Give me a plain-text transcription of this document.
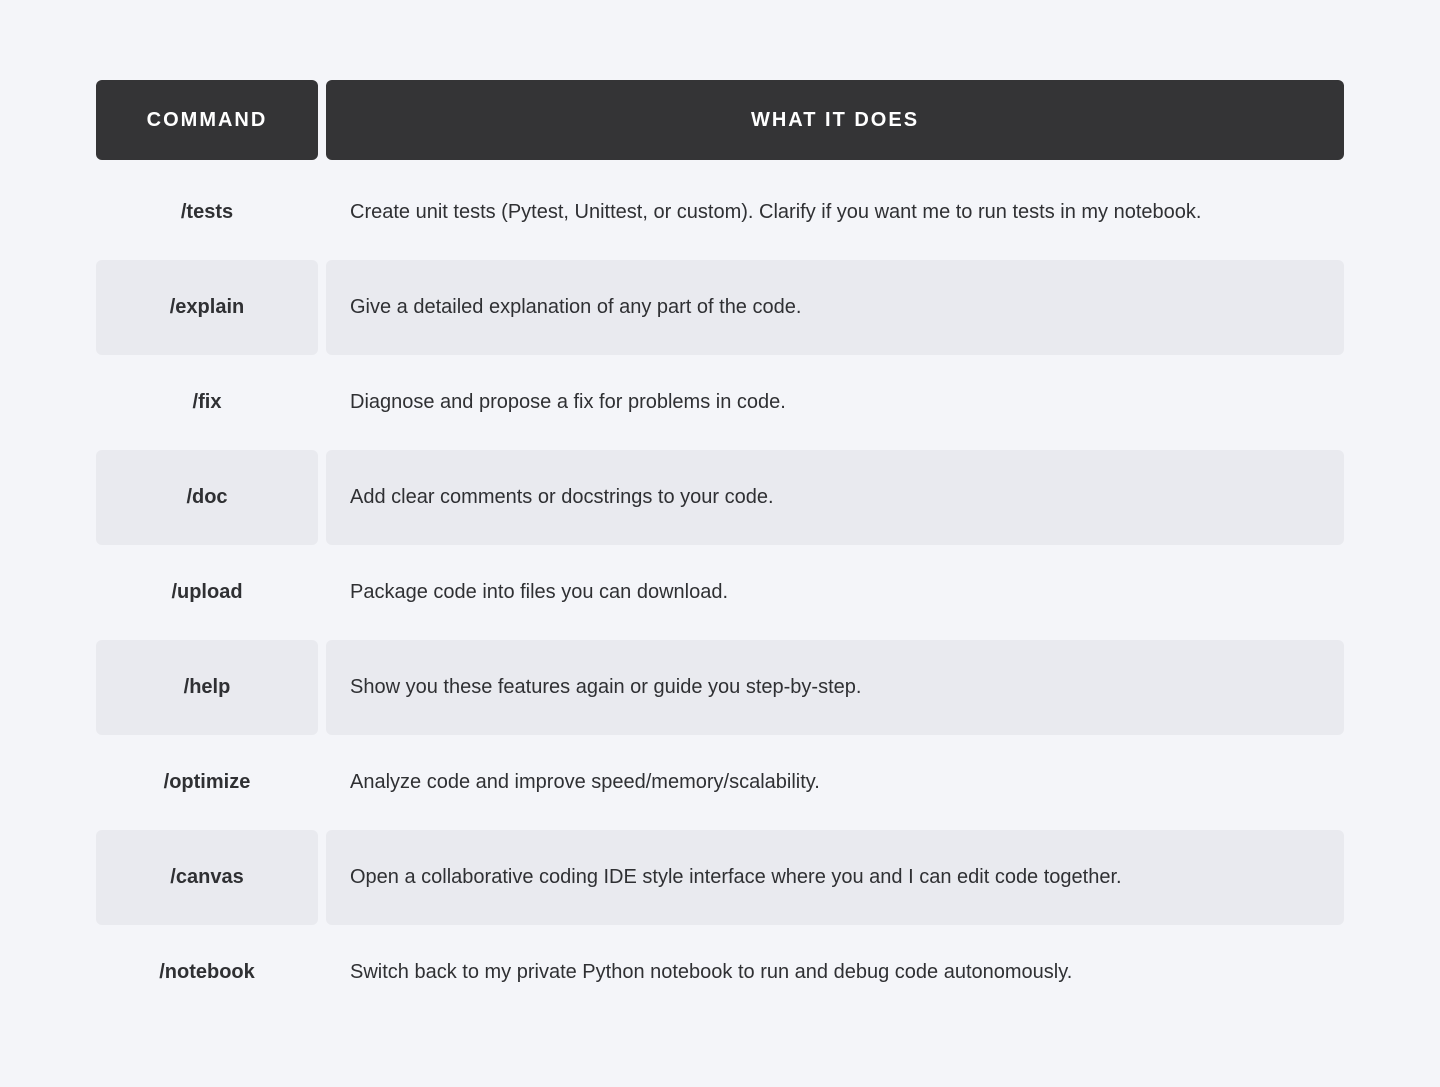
COMMAND	WHAT IT DOES
/tests	Create unit tests (Pytest, Unittest, or custom). Clarify if you want me to run tests in my notebook.
/explain	Give a detailed explanation of any part of the code.
/fix	Diagnose and propose a fix for problems in code.
/doc	Add clear comments or docstrings to your code.
/upload	Package code into files you can download.
/help	Show you these features again or guide you step-by-step.
/optimize	Analyze code and improve speed/memory/scalability.
/canvas	Open a collaborative coding IDE style interface where you and I can edit code together.
/notebook	Switch back to my private Python notebook to run and debug code autonomously.
